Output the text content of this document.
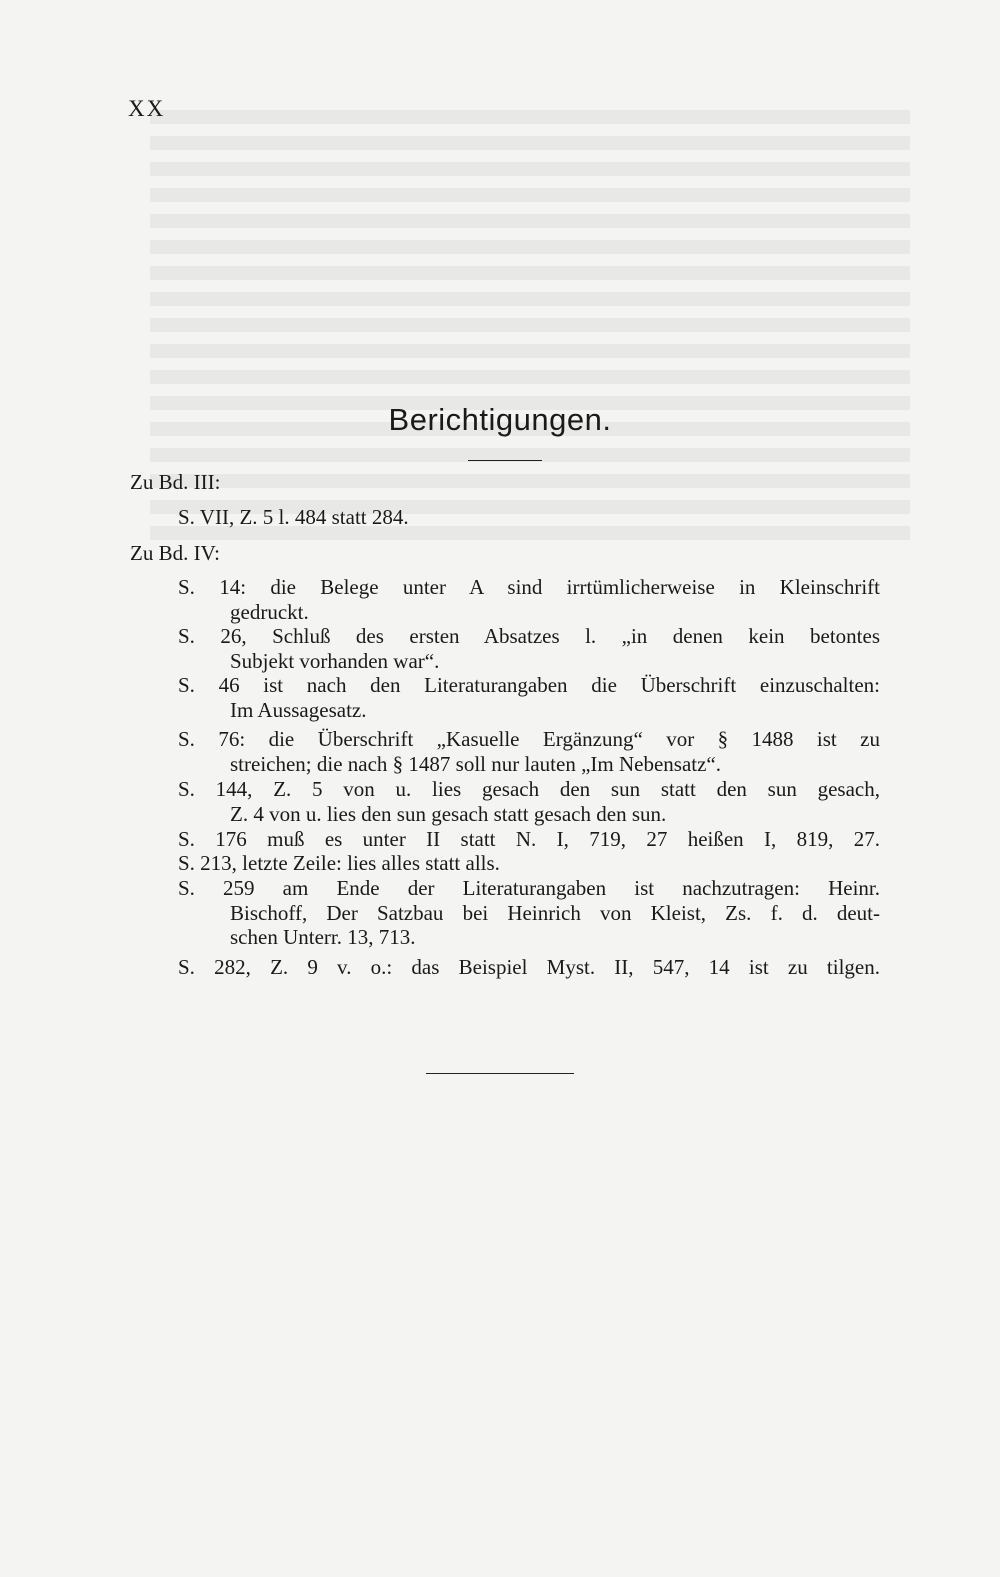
XX
Berichtigungen.
Zu Bd. III:
S. VII, Z. 5 l. 484 statt 284.
Zu Bd. IV:
S. 14: die Belege unter A sind irrtümlicherweise in Kleinschrift
gedruckt.
S. 26, Schluß des ersten Absatzes l. „in denen kein betontes
Subjekt vorhanden war“.
S. 46 ist nach den Literaturangaben die Überschrift einzuschalten:
Im Aussagesatz.
S. 76: die Überschrift „Kasuelle Ergänzung“ vor § 1488 ist zu
streichen; die nach § 1487 soll nur lauten „Im Nebensatz“.
S. 144, Z. 5 von u. lies gesach den sun statt den sun gesach,
Z. 4 von u. lies den sun gesach statt gesach den sun.
S. 176 muß es unter II statt N. I, 719, 27 heißen I, 819, 27.
S. 213, letzte Zeile: lies alles statt alls.
S. 259 am Ende der Literaturangaben ist nachzutragen: Heinr.
Bischoff, Der Satzbau bei Heinrich von Kleist, Zs. f. d. deut-
schen Unterr. 13, 713.
S. 282, Z. 9 v. o.: das Beispiel Myst. II, 547, 14 ist zu tilgen.
